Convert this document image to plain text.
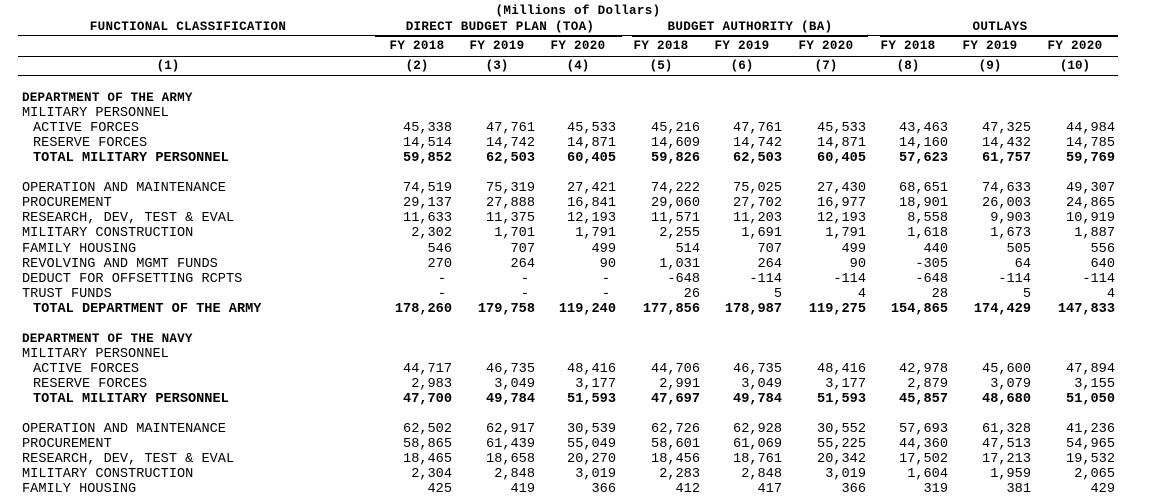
(Millions of Dollars)
FUNCTIONAL CLASSIFICATION	DIRECT BUDGET PLAN (TOA)	BUDGET AUTHORITY (BA)	OUTLAYS
FY 2018	FY 2019	FY 2020	FY 2018	FY 2019	FY 2020	FY 2018	FY 2019	FY 2020
(1)	(2)	(3)	(4)	(5)	(6)	(7)	(8)	(9)	(10)
DEPARTMENT OF THE ARMY
MILITARY PERSONNEL
ACTIVE FORCES	45,338	47,761	45,533	45,216	47,761	45,533	43,463	47,325	44,984
RESERVE FORCES	14,514	14,742	14,871	14,609	14,742	14,871	14,160	14,432	14,785
TOTAL MILITARY PERSONNEL	59,852	62,503	60,405	59,826	62,503	60,405	57,623	61,757	59,769
OPERATION AND MAINTENANCE	74,519	75,319	27,421	74,222	75,025	27,430	68,651	74,633	49,307
PROCUREMENT	29,137	27,888	16,841	29,060	27,702	16,977	18,901	26,003	24,865
RESEARCH, DEV, TEST & EVAL	11,633	11,375	12,193	11,571	11,203	12,193	8,558	9,903	10,919
MILITARY CONSTRUCTION	2,302	1,701	1,791	2,255	1,691	1,791	1,618	1,673	1,887
FAMILY HOUSING	546	707	499	514	707	499	440	505	556
REVOLVING AND MGMT FUNDS	270	264	90	1,031	264	90	-305	64	640
DEDUCT FOR OFFSETTING RCPTS	-	-	-	-648	-114	-114	-648	-114	-114
TRUST FUNDS	-	-	-	26	5	4	28	5	4
TOTAL DEPARTMENT OF THE ARMY	178,260	179,758	119,240	177,856	178,987	119,275	154,865	174,429	147,833
DEPARTMENT OF THE NAVY
MILITARY PERSONNEL
ACTIVE FORCES	44,717	46,735	48,416	44,706	46,735	48,416	42,978	45,600	47,894
RESERVE FORCES	2,983	3,049	3,177	2,991	3,049	3,177	2,879	3,079	3,155
TOTAL MILITARY PERSONNEL	47,700	49,784	51,593	47,697	49,784	51,593	45,857	48,680	51,050
OPERATION AND MAINTENANCE	62,502	62,917	30,539	62,726	62,928	30,552	57,693	61,328	41,236
PROCUREMENT	58,865	61,439	55,049	58,601	61,069	55,225	44,360	47,513	54,965
RESEARCH, DEV, TEST & EVAL	18,465	18,658	20,270	18,456	18,761	20,342	17,502	17,213	19,532
MILITARY CONSTRUCTION	2,304	2,848	3,019	2,283	2,848	3,019	1,604	1,959	2,065
FAMILY HOUSING	425	419	366	412	417	366	319	381	429
